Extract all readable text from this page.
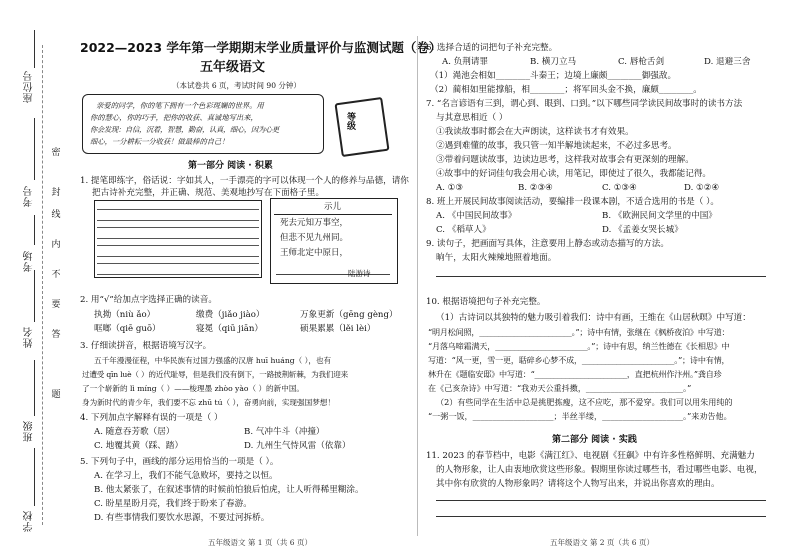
座位号
考号
考场
姓名
班级
学校
密
封
线
内
不
要
答
题
2022—2023 学年第一学期期末学业质量评价与监测试题（卷）
五年级语文
（本试卷共 6 页，考试时间 90 分钟）
亲爱的同学，你的笔下拥有一个色彩斑斓的世界。用
你的慧心，你的巧手，把你的收获、真诚地写出来，
你会发现：自信，沉着，智慧，勤奋，认真，细心，因为心更
细心，一分耕耘一分收获！做最棒的自己！
等级
第一部分 阅读 · 积累
1. 提笔即练字，俗话说：字如其人，一手漂亮的字可以体现一个人的修养与品德，请你
把古诗补充完整，并正确、规范、美观地抄写在下面格子里。
示儿
死去元知万事空，
但悲不见九州同。
王师北定中原日，
陆游诗
2. 用“√”给加点字选择正确的读音。
执拗（niù ǎo）	缴费（jiǎo jiào）	万象更新（gēng gèng）
哐啷（qiē guō）	寝冕（qiū jiān）	硕果累累（lěi lèi）
3. 仔细读拼音，根据语境写汉字。
五千年漫漫征程，中华民族有过国力强盛的汉唐 huī huáng（ ），也有
过遭受 qīn luè（ ）的近代耻辱，但是我们没有倒下，一路披荆斩棘，为我们迎来
了一个崭新的 lì míng（ ）——梭理墨 zhòo yào（ ）的新中国。
身为新时代的青少年，我们要不忘 zhū tú（ ），奋勇向前，实现强国梦想！
4. 下列加点字解释有误的一项是（ ）
A. 随意吞芳歌（居）	B. 气冲牛斗（冲撞）
C. 地覆其黄（踩、踏）	D. 九州生气恃风雷（依靠）
5. 下列句子中，画线的部分运用恰当的一项是（ ）。
A. 在学习上，我们不能气急败坏，要持之以恒。
B. 他太紧张了，在叙述事情的时候前怕狼后怕虎，让人听得稀里糊涂。
C. 盼星星盼月亮，我们终于盼来了春游。
D. 有些事情我们要饮水思源，不要过河拆桥。
五年级语文 第 1 页（共 6 页）
6. 选择合适的词把句子补充完整。
A. 负荆请罪	B. 横刀立马	C. 唇枪舌剑	D. 退避三舍
（1）渑池会相如________斗秦王；边境上廉颇________御强敌。
（2）蔺相如里能撑船，相________；将军回头金不换，廉颇________。
7. “名言谚语有三到，谓心到、眼到、口到。”以下哪些同学读民间故事时的读书方法
与其意思相近（ ）
①我读故事时都会在大声朗读，这样读书才有效果。
②遇到难懂的故事，我只管一知半解地读起来，不必过多思考。
③带着问题读故事，边读边思考，这样我对故事会有更深刻的理解。
④故事中的好词佳句我会用心读，用笔记，即使过了很久，我都能记得。
A. ①③	B. ②③④	C. ①③④	D. ①②④
8. 班上开展民间故事阅读活动，要编排一段课本剧，不适合选用的书是（ ）。
A. 《中国民间故事》	B. 《欧洲民间文学里的中国》
C. 《稻草人》	D. 《孟姜女哭长城》
9. 读句子，把画面写具体，注意要用上静态或动态描写的方法。
晌午，太阳火辣辣地照着地面。
10. 根据语境把句子补充完整。
（1）古诗词以其独特的魅力吸引着我们：诗中有画，王维在《山居秋暝》中写道：
“明月松间照，________________________。”；诗中有情，张继在《枫桥夜泊》中写道：
“月落乌啼霜满天，________________________。”；诗中有思，纳兰性德在《长相思》中
写道：“风一更，雪一更，聒碎乡心梦不成，________________________。”；诗中有情，
林升在《题临安邸》中写道：“________________________，直把杭州作汴州。”龚自珍
在《己亥杂诗》中写道：“我劝天公重抖擞，________________________。”
（2）有些同学在生活中总是挑肥拣瘦，这不应吃，那不爱穿。我们可以用朱用纯的
“一粥一饭，____________________；半丝半缕，____________________。”来劝告他。
第二部分 阅读 · 实践
11. 2023 的春节档中，电影《满江红》、电视剧《狂飙》中有许多性格鲜明、充满魅力
的人物形象，让人由衷地欣赏这些形象。假期里你读过哪些书，看过哪些电影、电视，
其中你有欣赏的人物形象吗？请将这个人物写出来，并说出你喜欢的理由。
五年级语文 第 2 页（共 6 页）
